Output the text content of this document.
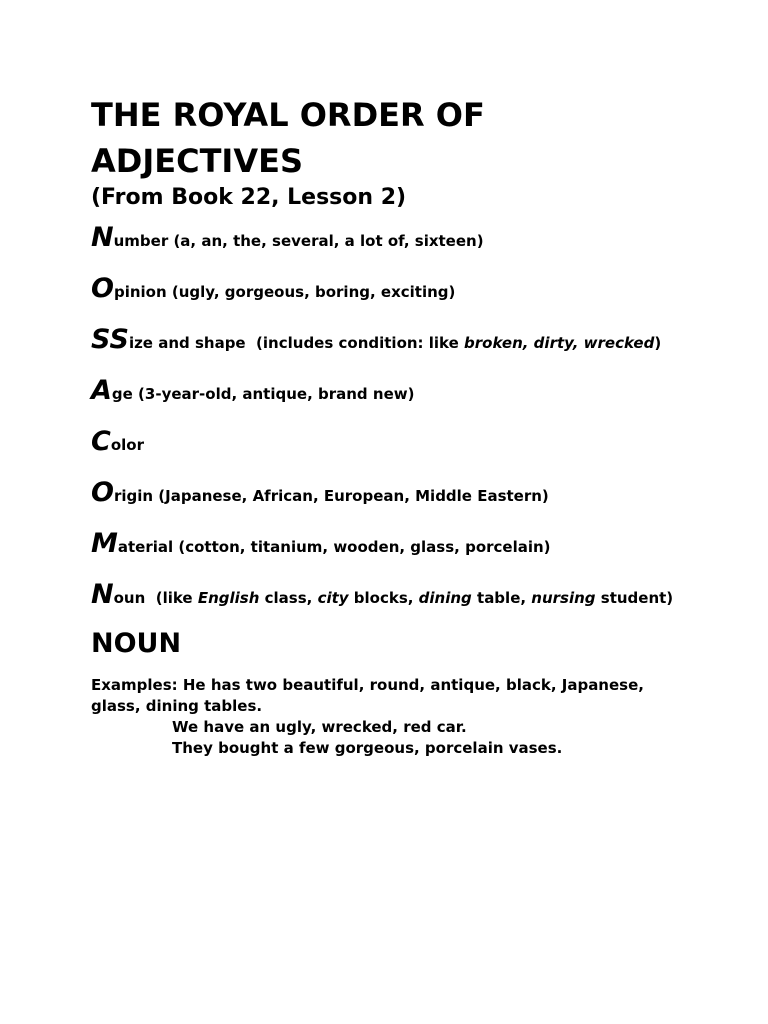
THE ROYAL ORDER OF ADJECTIVES
(From Book 22, Lesson 2)
Number (a, an, the, several, a lot of, sixteen)
Opinion (ugly, gorgeous, boring, exciting)
SSize and shape  (includes condition: like broken, dirty, wrecked)
Age (3-year-old, antique, brand new)
Color
Origin (Japanese, African, European, Middle Eastern)
Material (cotton, titanium, wooden, glass, porcelain)
Noun  (like English class, city blocks, dining table, nursing student)
NOUN
Examples: He has two beautiful, round, antique, black, Japanese, glass, dining tables.
We have an ugly, wrecked, red car.
They bought a few gorgeous, porcelain vases.
